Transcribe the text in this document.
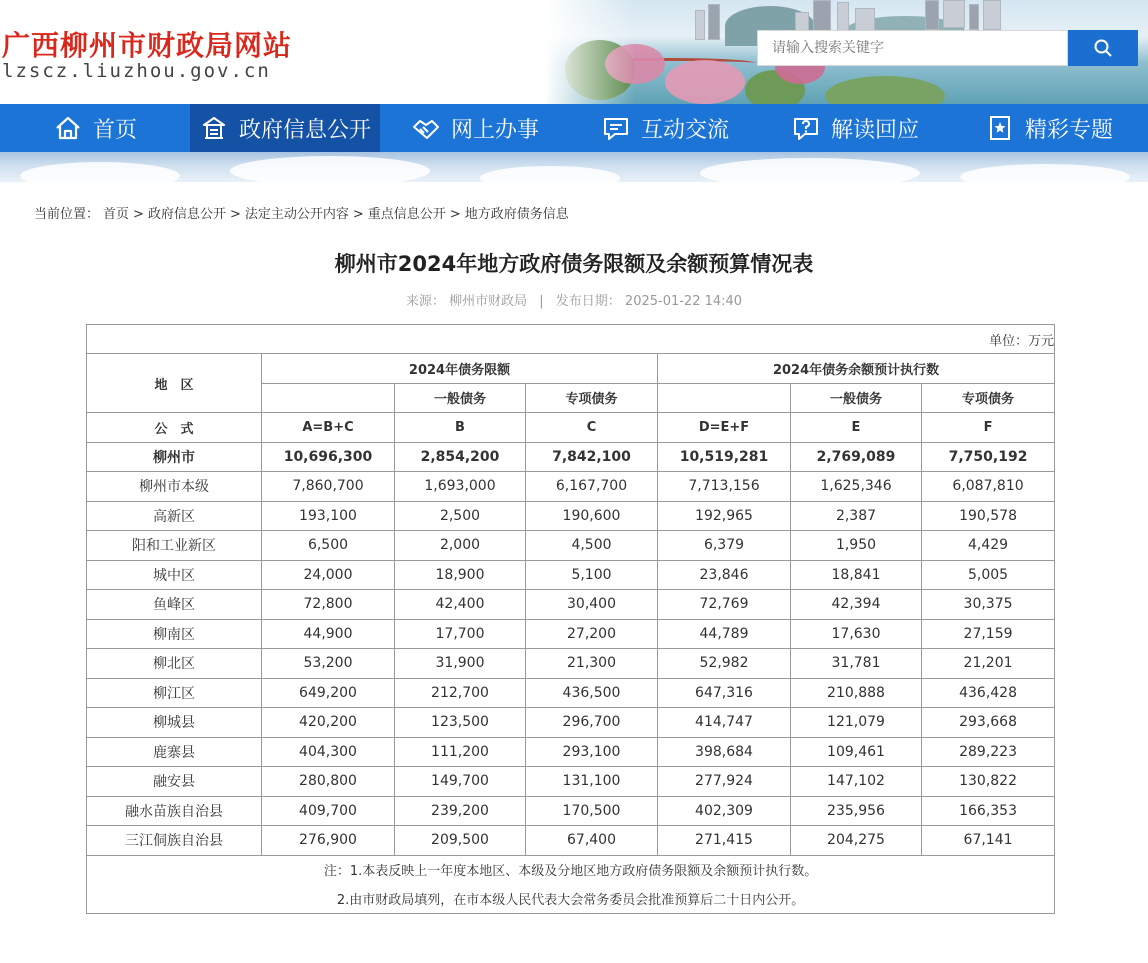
广西柳州市财政局网站
lzscz.liuzhou.gov.cn
请输入搜索关键字
首页	政府信息公开	网上办事	互动交流	解读回应	精彩专题
当前位置： 首页 > 政府信息公开 > 法定主动公开内容 > 重点信息公开 > 地方政府债务信息
柳州市2024年地方政府债务限额及余额预算情况表
来源： 柳州市财政局 | 发布日期： 2025-01-22 14:40
单位：万元						
地　区	2024年债务限额			2024年债务余额预计执行数		
		一般债务	专项债务		一般债务	专项债务
公　式	A=B+C	B	C	D=E+F	E	F
柳州市	10,696,300	2,854,200	7,842,100	10,519,281	2,769,089	7,750,192
柳州市本级	7,860,700	1,693,000	6,167,700	7,713,156	1,625,346	6,087,810
高新区	193,100	2,500	190,600	192,965	2,387	190,578
阳和工业新区	6,500	2,000	4,500	6,379	1,950	4,429
城中区	24,000	18,900	5,100	23,846	18,841	5,005
鱼峰区	72,800	42,400	30,400	72,769	42,394	30,375
柳南区	44,900	17,700	27,200	44,789	17,630	27,159
柳北区	53,200	31,900	21,300	52,982	31,781	21,201
柳江区	649,200	212,700	436,500	647,316	210,888	436,428
柳城县	420,200	123,500	296,700	414,747	121,079	293,668
鹿寨县	404,300	111,200	293,100	398,684	109,461	289,223
融安县	280,800	149,700	131,100	277,924	147,102	130,822
融水苗族自治县	409,700	239,200	170,500	402,309	235,956	166,353
三江侗族自治县	276,900	209,500	67,400	271,415	204,275	67,141
注：1.本表反映上一年度本地区、本级及分地区地方政府债务限额及余额预计执行数。						
2.由市财政局填列，在市本级人民代表大会常务委员会批准预算后二十日内公开。						
